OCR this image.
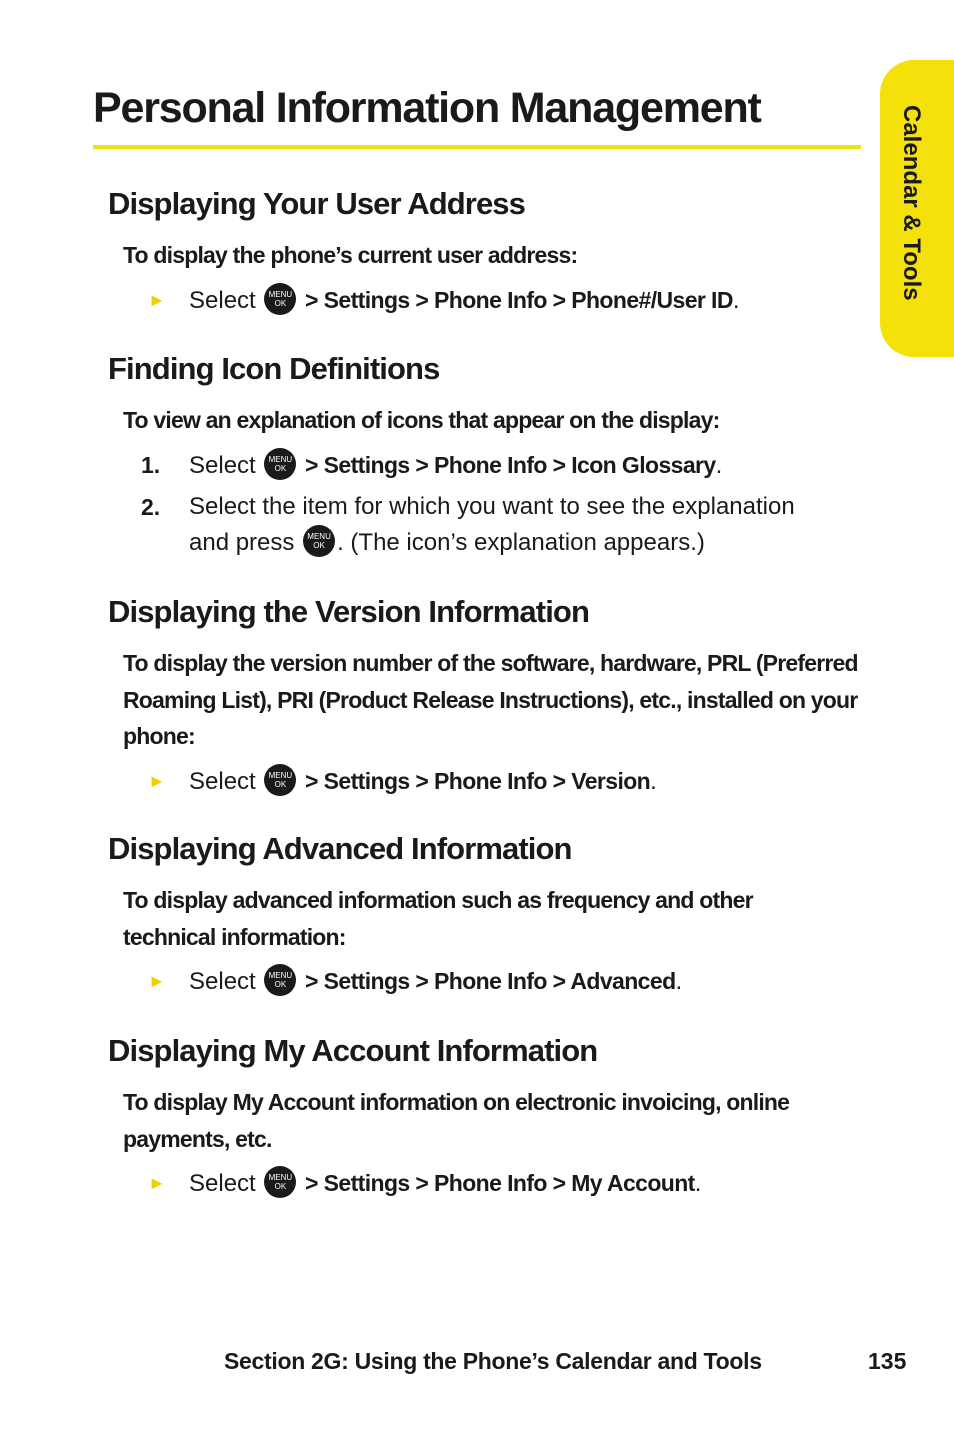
Personal Information Management	Calendar & Tools
Displaying Your User Address

To display the phone’s current user address:

► Select	MENU
OK > Settings > Phone Info > Phone#/User ID.
Finding Icon Definitions

To view an explanation of icons that appear on the display:

1. Select	MENU
OK > Settings > Phone Info > Icon Glossary.
2. Select the item for which you want to see the explanation
and press	MENU
OK . (The icon’s explanation appears.)
Displaying the Version Information

To display the version number of the software, hardware, PRL (Preferred Roaming List), PRI (Product Release Instructions), etc., installed on your phone:

► Select	MENU
OK > Settings > Phone Info > Version.
Displaying Advanced Information

To display advanced information such as frequency and other technical information:

► Select	MENU
OK > Settings > Phone Info > Advanced.
Displaying My Account Information

To display My Account information on electronic invoicing, online payments, etc.

► Select	MENU
OK > Settings > Phone Info > My Account.
Section 2G: Using the Phone’s Calendar and Tools	135
